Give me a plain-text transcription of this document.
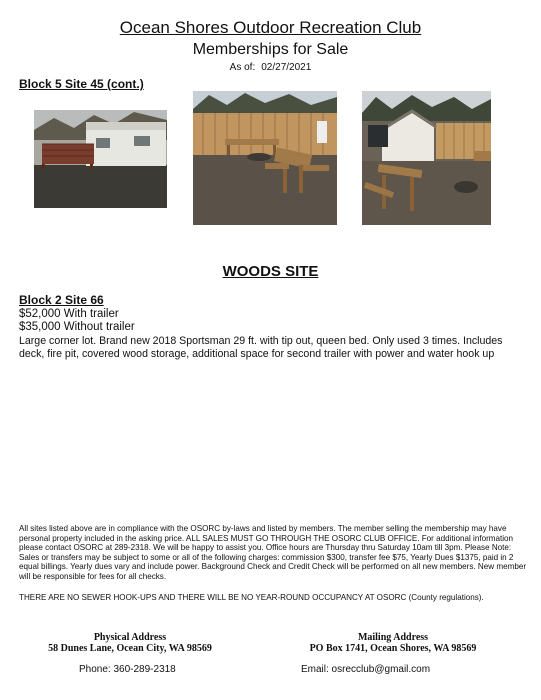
Ocean Shores Outdoor Recreation Club
Memberships for Sale
As of: 02/27/2021
Block 5 Site 45 (cont.)
WOODS SITE
Block 2 Site 66
$52,000 With trailer
$35,000 Without trailer
Large corner lot. Brand new 2018 Sportsman 29 ft. with tip out, queen bed. Only used 3 times. Includes deck, fire pit, covered wood storage, additional space for second trailer with power and water hook up
All sites listed above are in compliance with the OSORC by-laws and listed by members. The member selling the membership may have personal property included in the asking price. ALL SALES MUST GO THROUGH THE OSORC CLUB OFFICE. For additional information please contact OSORC at 289-2318. We will be happy to assist you. Office hours are Thursday thru Saturday 10am till 3pm. Please Note: Sales or transfers may be subject to some or all of the following charges: commission $300, transfer fee $75, Yearly Dues $1375, paid in 2 equal billings. Yearly dues vary and include power. Background Check and Credit Check will be performed on all new members. New member will be responsible for fees for all checks.
THERE ARE NO SEWER HOOK-UPS AND THERE WILL BE NO YEAR-ROUND OCCUPANCY AT OSORC (County regulations).
Physical Address
58 Dunes Lane, Ocean City, WA 98569
Mailing Address
PO Box 1741, Ocean Shores, WA 98569
Phone: 360-289-2318	Email: osrecclub@gmail.com
